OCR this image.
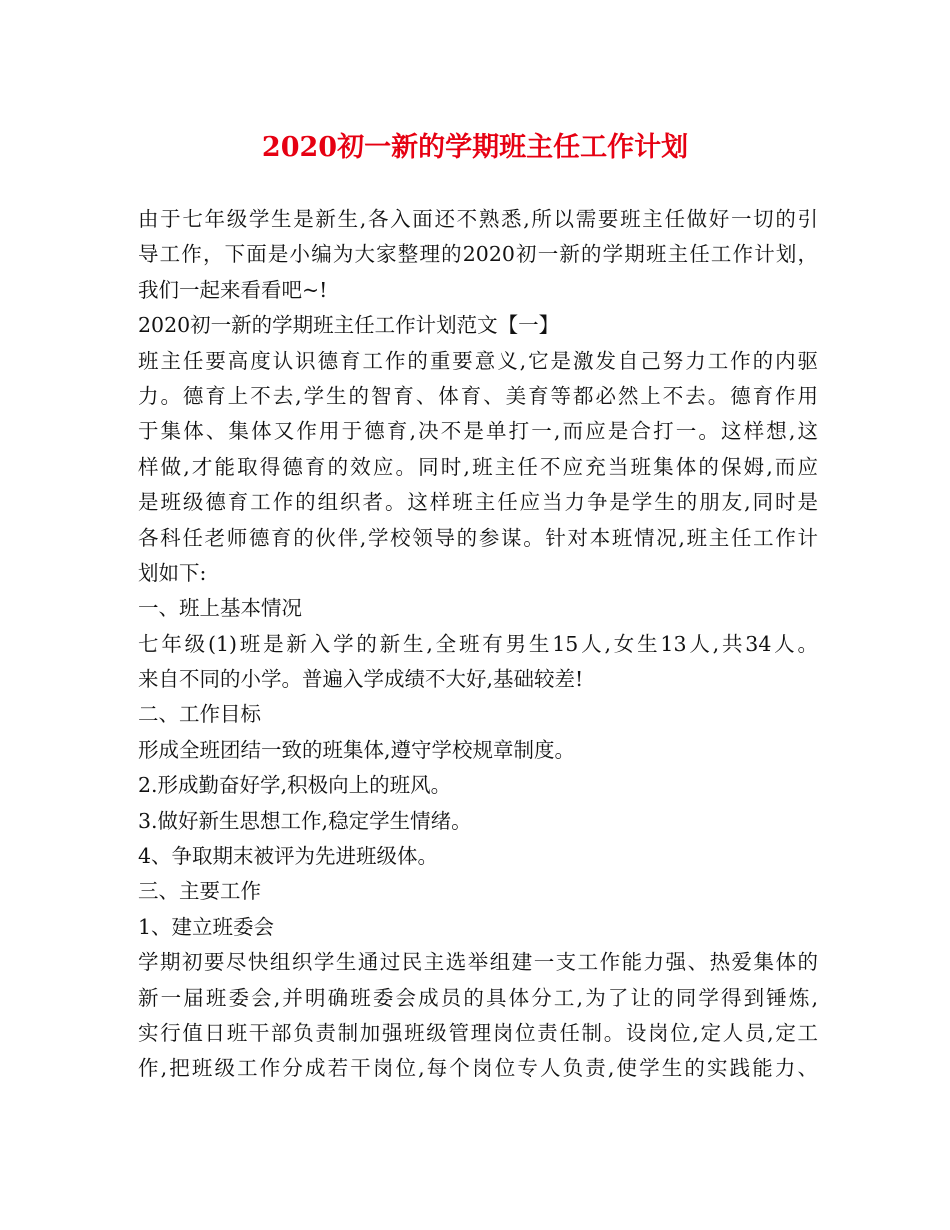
2020初一新的学期班主任工作计划
由于七年级学生是新生,各入面还不熟悉,所以需要班主任做好一切的引
导工作，下面是小编为大家整理的2020初一新的学期班主任工作计划，
我们一起来看看吧~!
2020初一新的学期班主任工作计划范文【一】
班主任要高度认识德育工作的重要意义,它是激发自己努力工作的内驱
力。德育上不去,学生的智育、体育、美育等都必然上不去。德育作用
于集体、集体又作用于德育,决不是单打一,而应是合打一。这样想,这
样做,才能取得德育的效应。同时,班主任不应充当班集体的保姆,而应
是班级德育工作的组织者。这样班主任应当力争是学生的朋友,同时是
各科任老师德育的伙伴,学校领导的参谋。针对本班情况,班主任工作计
划如下:
一、班上基本情况
七年级(1)班是新入学的新生,全班有男生15人,女生13人,共34人。
来自不同的小学。普遍入学成绩不大好,基础较差!
二、工作目标
形成全班团结一致的班集体,遵守学校规章制度。
2.形成勤奋好学,积极向上的班风。
3.做好新生思想工作,稳定学生情绪。
4、争取期末被评为先进班级体。
三、主要工作
1、建立班委会
学期初要尽快组织学生通过民主选举组建一支工作能力强、热爱集体的
新一届班委会,并明确班委会成员的具体分工,为了让的同学得到锤炼,
实行值日班干部负责制加强班级管理岗位责任制。设岗位,定人员,定工
作,把班级工作分成若干岗位,每个岗位专人负责,使学生的实践能力、
